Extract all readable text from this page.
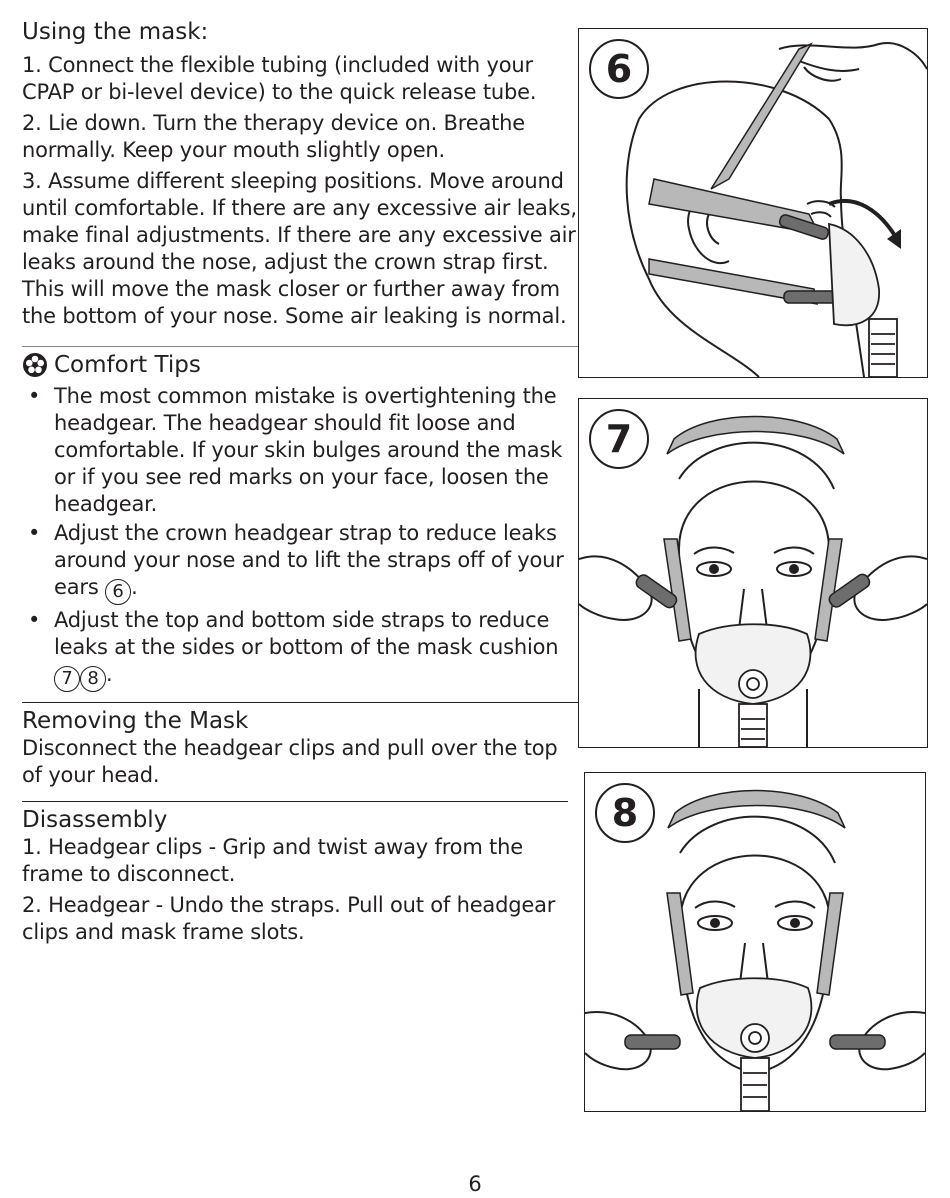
Using the mask:

1. Connect the flexible tubing (included with your CPAP or bi-level device) to the quick release tube.

2. Lie down. Turn the therapy device on. Breathe normally. Keep your mouth slightly open.

3. Assume different sleeping positions. Move around until comfortable. If there are any excessive air leaks, make final adjustments. If there are any excessive air leaks around the nose, adjust the crown strap first. This will move the mask closer or further away from the bottom of your nose. Some air leaking is normal.

Comfort Tips
• The most common mistake is overtightening the headgear. The headgear should fit loose and comfortable. If your skin bulges around the mask or if you see red marks on your face, loosen the headgear.
• Adjust the crown headgear strap to reduce leaks around your nose and to lift the straps off of your ears 6 .
• Adjust the top and bottom side straps to reduce leaks at the sides or bottom of the mask cushion 7 8 .
Removing the Mask

Disconnect the headgear clips and pull over the top of your head.

Disassembly

1. Headgear clips - Grip and twist away from the frame to disconnect.

2. Headgear - Undo the straps. Pull out of headgear clips and mask frame slots.

6
7
8
6
